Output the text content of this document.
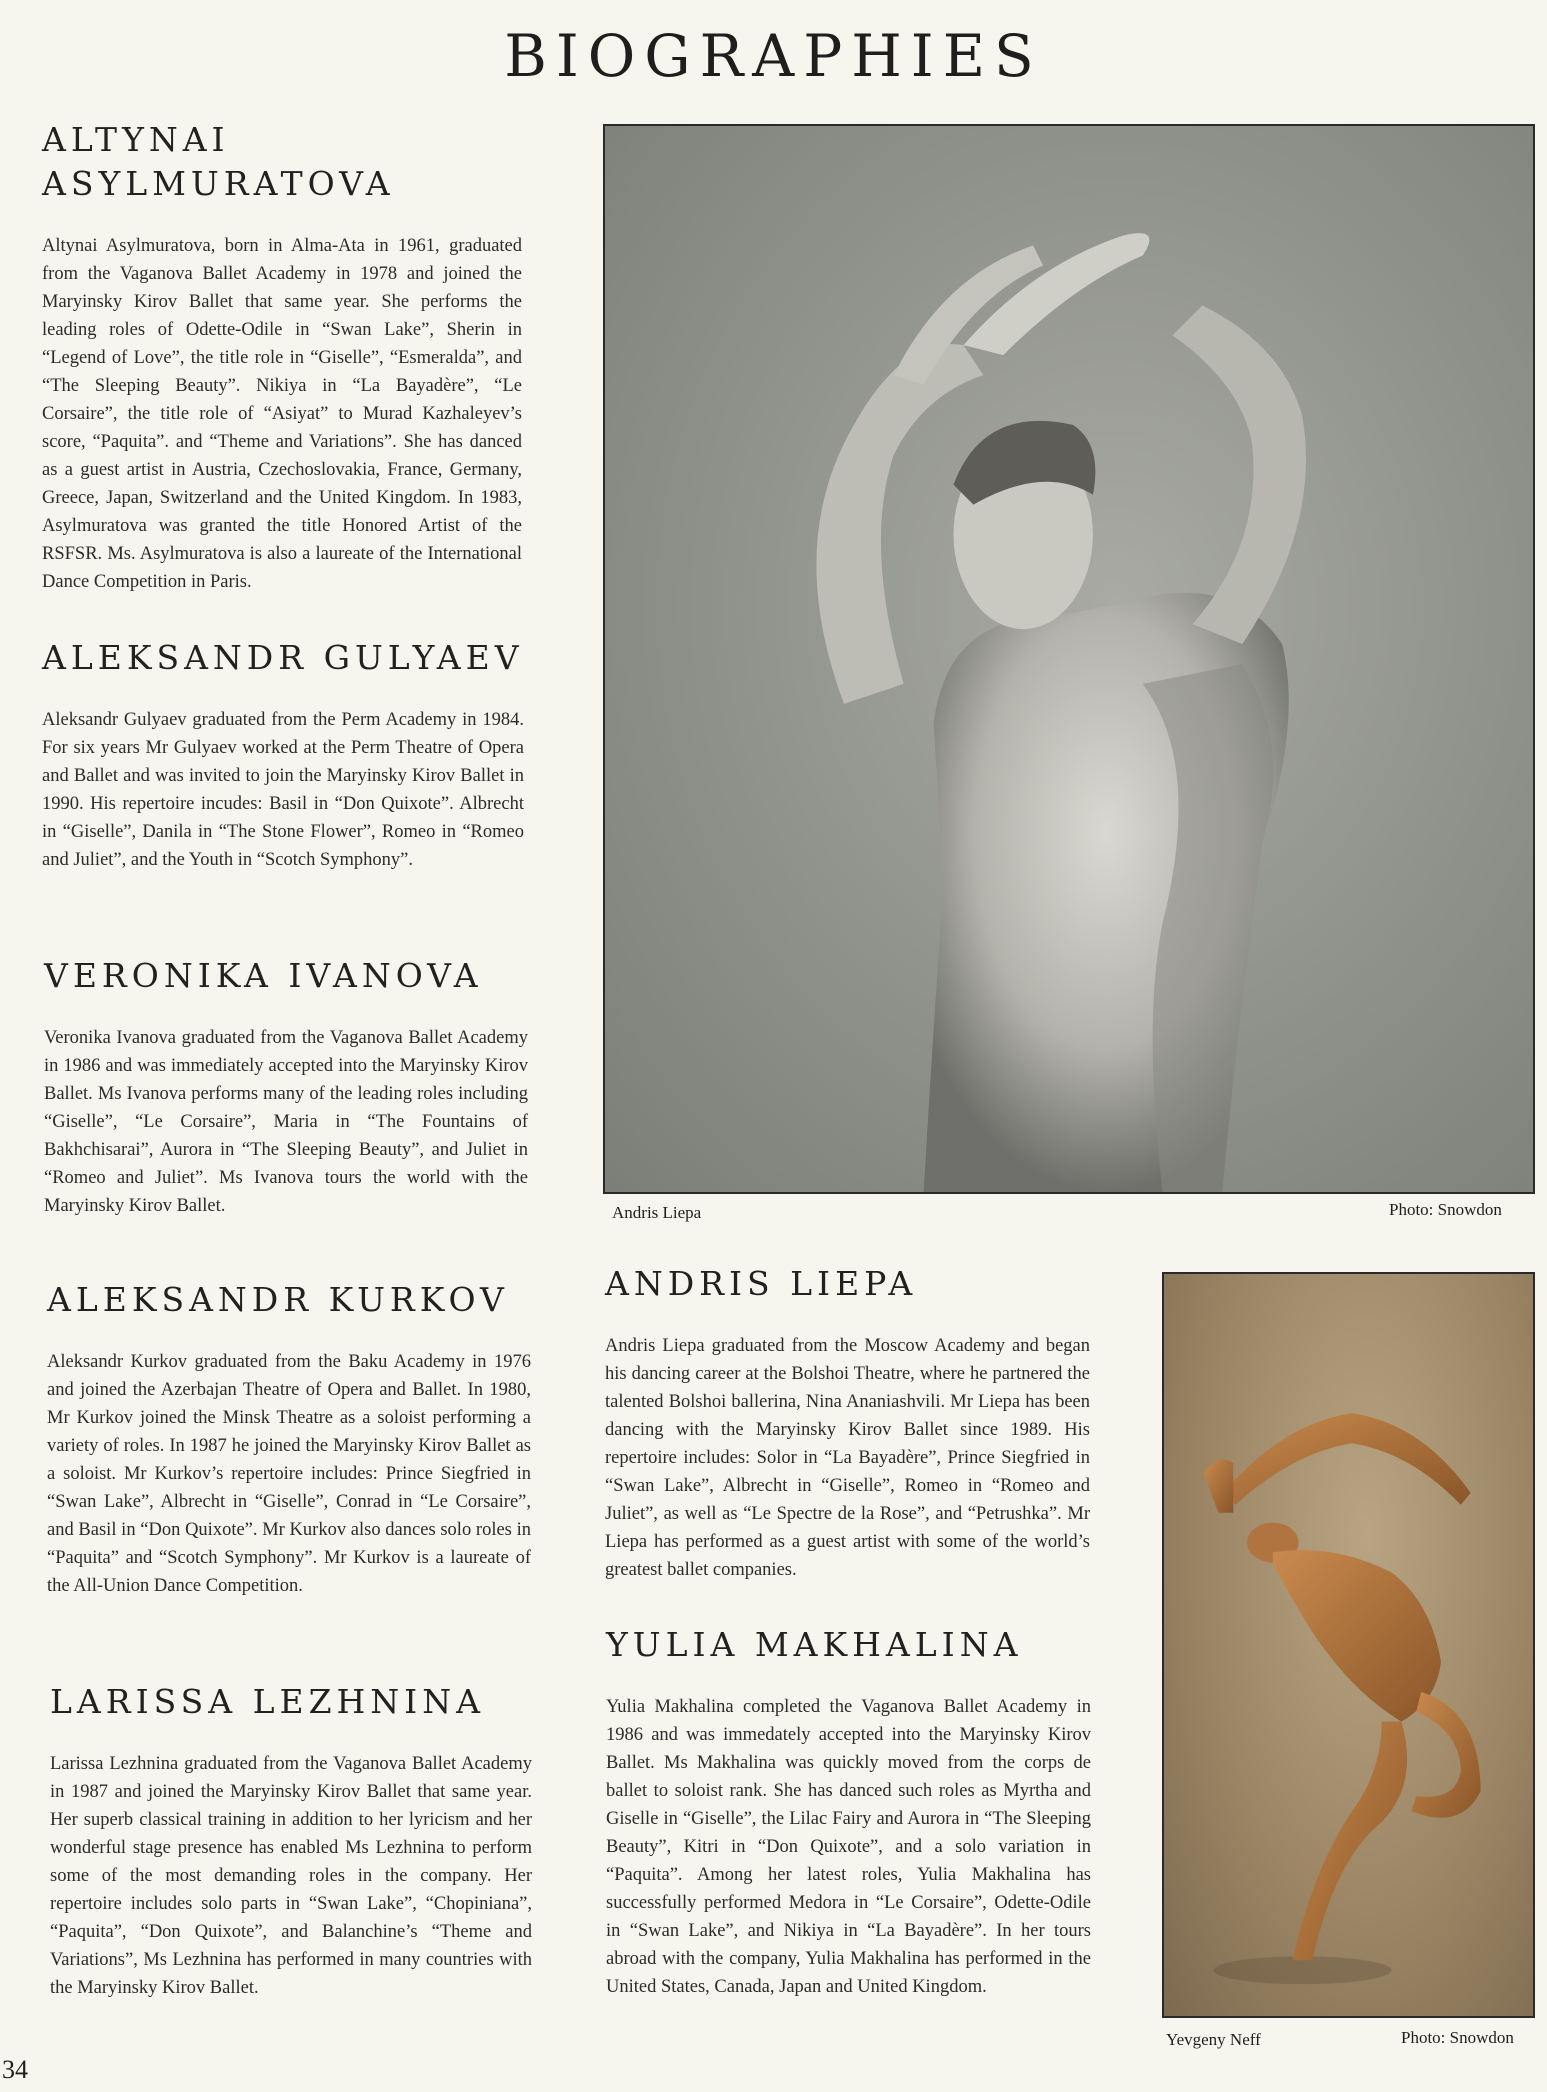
BIOGRAPHIES
ALTYNAI
ASYLMURATOVA

Altynai Asylmuratova, born in Alma-Ata in 1961, graduated from the Vaganova Ballet Academy in 1978 and joined the Maryinsky Kirov Ballet that same year. She performs the leading roles of Odette-Odile in “Swan Lake”, Sherin in “Legend of Love”, the title role in “Giselle”, “Esmeralda”, and “The Sleeping Beauty”. Nikiya in “La Bayadère”, “Le Corsaire”, the title role of “Asiyat” to Murad Kazhaleyev’s score, “Paquita”. and “Theme and Variations”. She has danced as a guest artist in Austria, Czechoslovakia, France, Germany, Greece, Japan, Switzerland and the United Kingdom. In 1983, Asylmuratova was granted the title Honored Artist of the RSFSR. Ms. Asylmuratova is also a laureate of the International Dance Competition in Paris.

ALEKSANDR GULYAEV

Aleksandr Gulyaev graduated from the Perm Academy in 1984. For six years Mr Gulyaev worked at the Perm Theatre of Opera and Ballet and was invited to join the Maryinsky Kirov Ballet in 1990. His repertoire incudes: Basil in “Don Quixote”. Albrecht in “Giselle”, Danila in “The Stone Flower”, Romeo in “Romeo and Juliet”, and the Youth in “Scotch Symphony”.

VERONIKA IVANOVA

Veronika Ivanova graduated from the Vaganova Ballet Academy in 1986 and was immediately accepted into the Maryinsky Kirov Ballet. Ms Ivanova performs many of the leading roles including “Giselle”, “Le Corsaire”, Maria in “The Fountains of Bakhchisarai”, Aurora in “The Sleeping Beauty”, and Juliet in “Romeo and Juliet”. Ms Ivanova tours the world with the Maryinsky Kirov Ballet.

ALEKSANDR KURKOV

Aleksandr Kurkov graduated from the Baku Academy in 1976 and joined the Azerbajan Theatre of Opera and Ballet. In 1980, Mr Kurkov joined the Minsk Theatre as a soloist performing a variety of roles. In 1987 he joined the Maryinsky Kirov Ballet as a soloist. Mr Kurkov’s repertoire includes: Prince Siegfried in “Swan Lake”, Albrecht in “Giselle”, Conrad in “Le Corsaire”, and Basil in “Don Quixote”. Mr Kurkov also dances solo roles in “Paquita” and “Scotch Symphony”. Mr Kurkov is a laureate of the All-Union Dance Competition.

LARISSA LEZHNINA

Larissa Lezhnina graduated from the Vaganova Ballet Academy in 1987 and joined the Maryinsky Kirov Ballet that same year. Her superb classical training in addition to her lyricism and her wonderful stage presence has enabled Ms Lezhnina to perform some of the most demanding roles in the company. Her repertoire includes solo parts in “Swan Lake”, “Chopiniana”, “Paquita”, “Don Quixote”, and Balanchine’s “Theme and Variations”, Ms Lezhnina has performed in many countries with the Maryinsky Kirov Ballet.

Andris Liepa	Photo: Snowdon
ANDRIS LIEPA

Andris Liepa graduated from the Moscow Academy and began his dancing career at the Bolshoi Theatre, where he partnered the talented Bolshoi ballerina, Nina Ananiashvili. Mr Liepa has been dancing with the Maryinsky Kirov Ballet since 1989. His repertoire includes: Solor in “La Bayadère”, Prince Siegfried in “Swan Lake”, Albrecht in “Giselle”, Romeo in “Romeo and Juliet”, as well as “Le Spectre de la Rose”, and “Petrushka”. Mr Liepa has performed as a guest artist with some of the world’s greatest ballet companies.

YULIA MAKHALINA

Yulia Makhalina completed the Vaganova Ballet Academy in 1986 and was immedately accepted into the Maryinsky Kirov Ballet. Ms Makhalina was quickly moved from the corps de ballet to soloist rank. She has danced such roles as Myrtha and Giselle in “Giselle”, the Lilac Fairy and Aurora in “The Sleeping Beauty”, Kitri in “Don Quixote”, and a solo variation in “Paquita”. Among her latest roles, Yulia Makhalina has successfully performed Medora in “Le Corsaire”, Odette-Odile in “Swan Lake”, and Nikiya in “La Bayadère”. In her tours abroad with the company, Yulia Makhalina has performed in the United States, Canada, Japan and United Kingdom.

Yevgeny Neff	Photo: Snowdon
34
